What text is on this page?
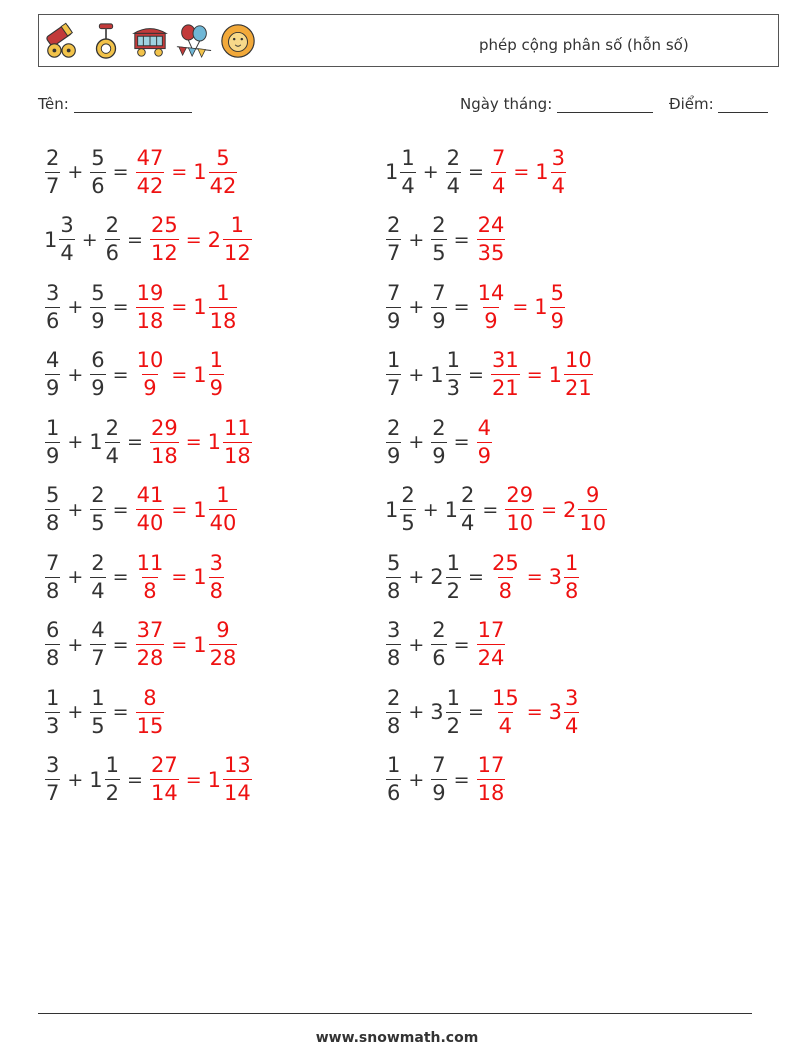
phép cộng phân số (hỗn số)
Tên:	Ngày tháng:	Điểm:
$\frac{2}{7} + \frac{5}{6} = \frac{47}{42} = 1 \frac{5}{42}$	$1 \frac{1}{4} + \frac{2}{4} = \frac{7}{4} = 1 \frac{3}{4}$
$1 \frac{3}{4} + \frac{2}{6} = \frac{25}{12} = 2 \frac{1}{12}$	$\frac{2}{7} + \frac{2}{5} = \frac{24}{35}$
$\frac{3}{6} + \frac{5}{9} = \frac{19}{18} = 1 \frac{1}{18}$	$\frac{7}{9} + \frac{7}{9} = \frac{14}{9} = 1 \frac{5}{9}$
$\frac{4}{9} + \frac{6}{9} = \frac{10}{9} = 1 \frac{1}{9}$	$\frac{1}{7} + 1 \frac{1}{3} = \frac{31}{21} = 1 \frac{10}{21}$
$\frac{1}{9} + 1 \frac{2}{4} = \frac{29}{18} = 1 \frac{11}{18}$	$\frac{2}{9} + \frac{2}{9} = \frac{4}{9}$
$\frac{5}{8} + \frac{2}{5} = \frac{41}{40} = 1 \frac{1}{40}$	$1 \frac{2}{5} + 1 \frac{2}{4} = \frac{29}{10} = 2 \frac{9}{10}$
$\frac{7}{8} + \frac{2}{4} = \frac{11}{8} = 1 \frac{3}{8}$	$\frac{5}{8} + 2 \frac{1}{2} = \frac{25}{8} = 3 \frac{1}{8}$
$\frac{6}{8} + \frac{4}{7} = \frac{37}{28} = 1 \frac{9}{28}$	$\frac{3}{8} + \frac{2}{6} = \frac{17}{24}$
$\frac{1}{3} + \frac{1}{5} = \frac{8}{15}$	$\frac{2}{8} + 3 \frac{1}{2} = \frac{15}{4} = 3 \frac{3}{4}$
$\frac{3}{7} + 1 \frac{1}{2} = \frac{27}{14} = 1 \frac{13}{14}$	$\frac{1}{6} + \frac{7}{9} = \frac{17}{18}$
www.snowmath.com
